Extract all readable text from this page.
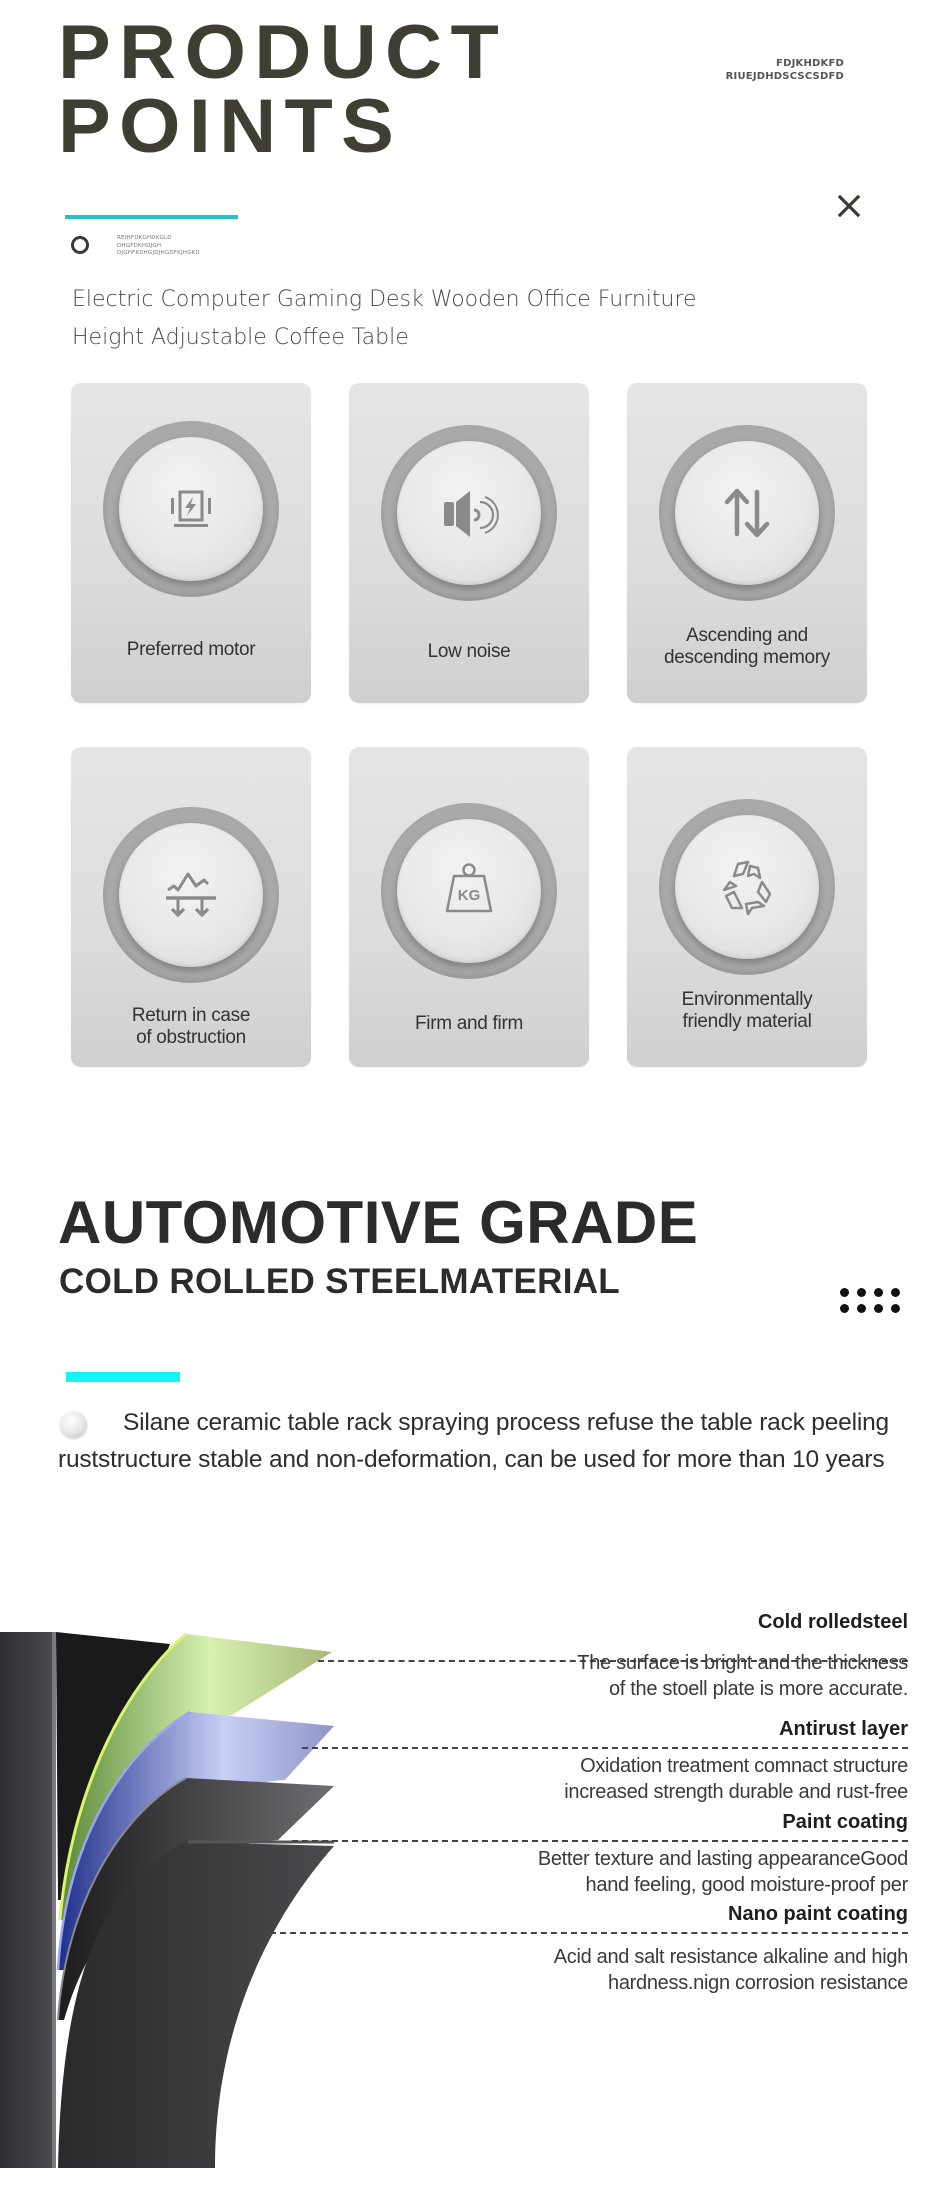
PRODUCT
POINTS
FDJKHDKFD
RIUEJDHDSCSCSDFD
REIHFDKGHDKGLD
DHGFDKHDJGH
DJGHFKDHGJDJHGDFKJHGKD
Electric Computer Gaming Desk Wooden Office Furniture
Height Adjustable Coffee Table
Preferred motor	Low noise
Ascending and
descending memory
Return in case
of obstruction
KG
Firm and firm
Environmentally
friendly material
AUTOMOTIVE GRADE
COLD ROLLED STEELMATERIAL
Silane ceramic table rack spraying process refuse the table rack peeling ruststructure stable and non-deformation, can be used for more than 10 years
Cold rolledsteel
The surface is bright and the thickness
of the stoell plate is more accurate.
Antirust layer
Oxidation treatment comnact structure
increased strength durable and rust-free
Paint coating
Better texture and lasting appearanceGood
hand feeling, good moisture-proof per
Nano paint coating
Acid and salt resistance alkaline and high
hardness.nign corrosion resistance
